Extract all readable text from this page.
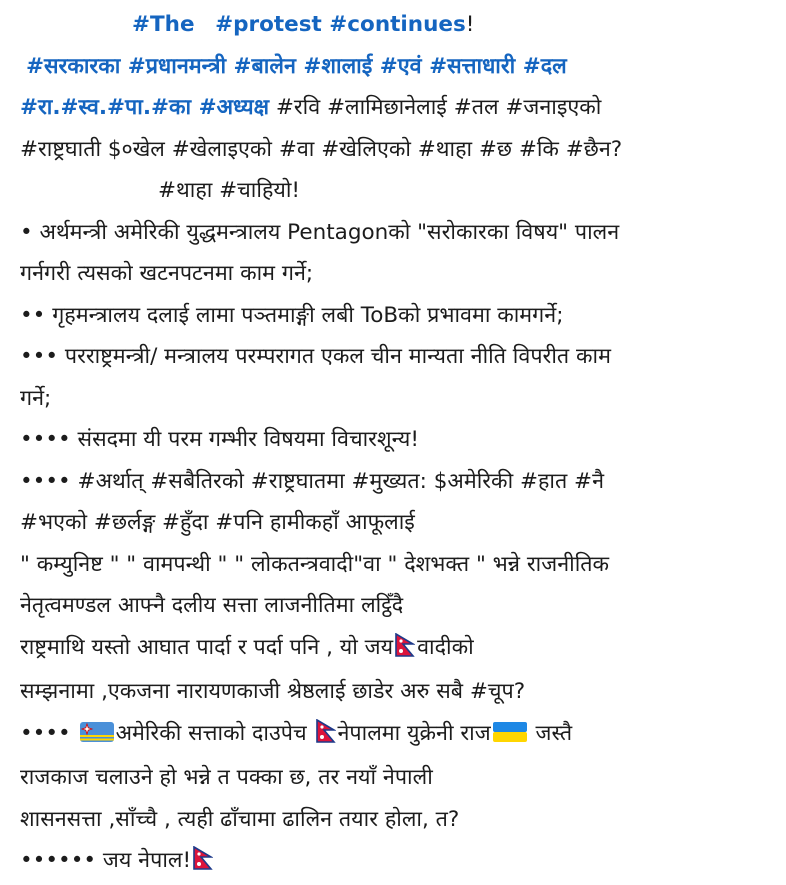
#The #protest #continues!
#सरकारका #प्रधानमन्त्री #बालेन #शालाई #एवं #सत्ताधारी #दल
#रा.#स्व.#पा.#का #अध्यक्ष #रवि #लामिछानेलाई #तल #जनाइएको
#राष्ट्रघाती $०खेल #खेलाइएको #वा #खेलिएको #थाहा #छ #कि #छैन?
#थाहा #चाहियो!
• अर्थमन्त्री अमेरिकी युद्धमन्त्रालय Pentagonको "सरोकारका विषय" पालन
गर्नगरी त्यसको खटनपटनमा काम गर्ने;
•• गृहमन्त्रालय दलाई लामा पञ्तमाङ्गी लबी ToBको प्रभावमा कामगर्ने;
••• परराष्ट्रमन्त्री/ मन्त्रालय परम्परागत एकल चीन मान्यता नीति विपरीत काम
गर्ने;
•••• संसदमा यी परम गम्भीर विषयमा विचारशून्य!
•••• #अर्थात् #सबैतिरको #राष्ट्रघातमा #मुख्यत: $अमेरिकी #हात #नै
#भएको #छर्लङ्ग #हुँदा #पनि हामीकहाँ आफूलाई
" कम्युनिष्ट " " वामपन्थी " " लोकतन्त्रवादी"वा " देशभक्त " भन्ने राजनीतिक
नेतृत्वमण्डल आफ्नै दलीय सत्ता लाजनीतिमा लट्ठिँदै
राष्ट्रमाथि यस्तो आघात पार्दा र पर्दा पनि , यो जय वादीको
सम्झनामा ,एकजना नारायणकाजी श्रेष्ठलाई छाडेर अरु सबै #चूप?
•••• अमेरिकी सत्ताको दाउपेच नेपालमा युक्रेनी राज जस्तै
राजकाज चलाउने हो भन्ने त पक्का छ, तर नयाँ नेपाली
शासनसत्ता ,साँच्चै , त्यही ढाँचामा ढालिन तयार होला, त?
•••••• जय नेपाल!
